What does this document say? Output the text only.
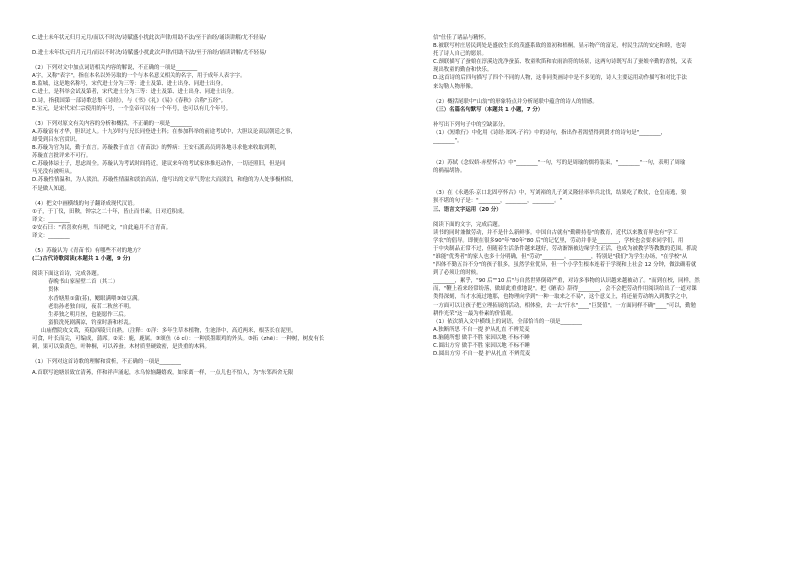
C.进士未年状元归月元月/而以不时决/诗賦盛小扰此次声律/用助不法/至于治经/诵读讲解/尤不轻易/
D.进士未年状元归月元月/而以不时决/诗賦盛小扰此次声律/用助不法/至于治经/诵读讲解/尤不轻易/
（2）下列对文中加点词语相关内容的解说，不正确的一项是________
A字，又称"表字"，指在本名以外另取的一个与本名意义相关的名字，用于成年人表字字。
B.监城，这是地名称号，宋代进士分为三等：进士及第、进士出身、同进士出身。
C.进士，是科举会试及第者，宋代进士分为三等：进士及第、进士出身、同进士出身。
D.诗，指我国第一部诗歌总集《诗经》，与《书》《礼》《易》《春秋》合称"五经"。
E.宝元，是宋代宋仁宗使用的年号，一个皇帝可以有一个年号，也可以有几个年号。
（3）下列对原文有关内容的分析和概括，不正确的一项是________
A.苏璇富有才华，胆识过人。十九岁时与兄长同登进士科；在参加科举的前途考试中，大胆议论高层朝廷之事，
却受到吕东宫赏识。
B.苏璇为官为民，勤于直言。苏璇教于直言《青苗法》的弊病：王安石派高员到各地寻求他来收取到利，
苏璇直言批评来不可行。
C.苏璇体谅士子，思虑周全。苏璇认为考试时间将近，建议来年的考试家体推迟动作，一切还照旧，但是同
马光没有被听从。
D.苏璇性情温和，为人淡泊。苏璇性情温和淡泊高洁，他写出的文章气势宏大而淡泊，和他的为人处事极相似，
不是做人知道。
（4）把文中画横线的句子翻译成现代汉语。
①子，于丁仪，田鞅，钟宗之二十年，皆止而书素，日对近积成。
译文：________
②安石曰："君喜欢有理，当译吧文，"自此遍月不言青苗。
译文：________
（5）苏璇认为《青苗书》有哪些不对的地方？
(二)古代诗歌阅读(本题共 1 小题，9 分)
阅读下面这首诗，完成各题。
春晚书山家屋壁二首（其二）
贯休
水香塘黑①蒲(荪)，鳃眼满喂③如豆满。
老翁孙老独自叹，夜茗二秋丝不明。
生养独之明月丝，也能愿作三后。
蛮狼洗死剧满凉，钓童时游和杉乱。
山庙僧院攻文哉，英稳西陵只自熟。（注释：①洋：多年生草本植物，生池泽中，高近两米，根茎长在泥里，
可食，叶长而尖，可编成，蒲席。②采：鹿，鹿属。③颂鱼（ǒ cí）：一种淡墨眼鸡的外头。③拓（zhē）：一种树，树皮有长
刺，果可以染黄色，叶种桐，可以养蚕。木材质坚硬致密，是贵重的木料。
（1）下列对这首诗歌的理解和赏析，不正确的一项是________
A.首联写池塘景致宜清莠，伴和祥声涌起，水乌惊恼翻嬉戏，如家离一样，一点儿也不怕人，为"东邻西舍无限
信"仕佳了诸品与精怀。
B.被联写村庄居民到处是盛放生长的茂盛系致的盈初和梧桐，显示物产的富足，村民生活的安定和睦，也寄
托了诗人自己的愿景。
C.颈联描写了蚕娘在淳溪边洗净蚕茧、牧童吹笛和农雨治符的场景，这两句诗既写出了蚕娘辛勤的喜悦，又表
现出牧童的勤奋和快乐。
D.这首诗的后四句描写了四个不同的人物，这非同类画诗中是不多见的，诗人主要运用动作描写和对比手法
来勾勒人物形像。
（2）概括尾联中"山翁"的形象特点并分析尾联中蕴含的诗人的情感。
（三）名篇名句默写（本题共 1 小题，7 分）
补写出下列句子中的空缺部分。
（1）《短歌行》中化用《诗经·郑风·子衿》中的诗句，指出作者渴望得到贤才的诗句是"________，
________"。
（2）苏轼《念奴娇·赤壁怀古》中"________"一句，写的是周瑜的儒将装束，"________"一句，表明了周瑜
的祸福胡协。
（3）在《永遇乐·京口北固亭怀古》中，写刘裕的儿子刘义隆轻率举兵北伐，结果吃了败仗，仓皇南逃，狼
狈不堪的句子是："________，________，________。"
三、语言文字运用（20 分）
阅读下面的文字，完成后题。
读书的同时兼做劳动，并不是什么新鲜事。中国自古就有"勤耕持卷"的教育，近代以来教育界也有"学工
学农"的倡导。即便在很多90"年"80年"80 后"的记忆里，劳动并非是________，学校也会要求同学们，用
于中央制品正常不过，但随着生活条件越来越好，劳动渐渐被边缘学生正活，也成为被教学等教教的范围。抓说
"谁能"优秀者"的家人也多十分明确，但"劳动"________。________，特别是"我们"为学生办场，"在学校"从
"四体不勤五谷不分"的孩子很多，虽然学业优异，但一个小学生根本连着于学现和上社会 12 分钟，做法确着就
到了必须让的时候。
________，累乎，"90 后""10 后"与自然世界倒碍严重，对诗多事物的认识越来越被动了。"而到在校，同样，然
而，"鞭上着来经常纷落，做却此重重地说"。把《陋表》辞得________，会不会把劳动作用阅读给出了一道对课
类得深刻，当才水流过地那，也物理向学到"一种一取来之不易"，这个意义上，将还量劳动纳入到教学之中，
一方面可以让孩子把立理拓展的活动，相体验，去一去"汗水"____"巨贤值"，一方面同样不确"____"可以，勤勉
耕作光荣"这一最为朴素的价值观。
（1）依次填入文中横线上的词语，全部恰当的一项是________
A.独断所思 不自一提 护从扎直 不辨荒麦
B.脑随所想 做手不胜 家因以地 不标不睡
C.圆出方穷 做手不胜 家因以地 不标不睡
D.圆出方穷 不自一提 护从扎直 不辨荒麦
